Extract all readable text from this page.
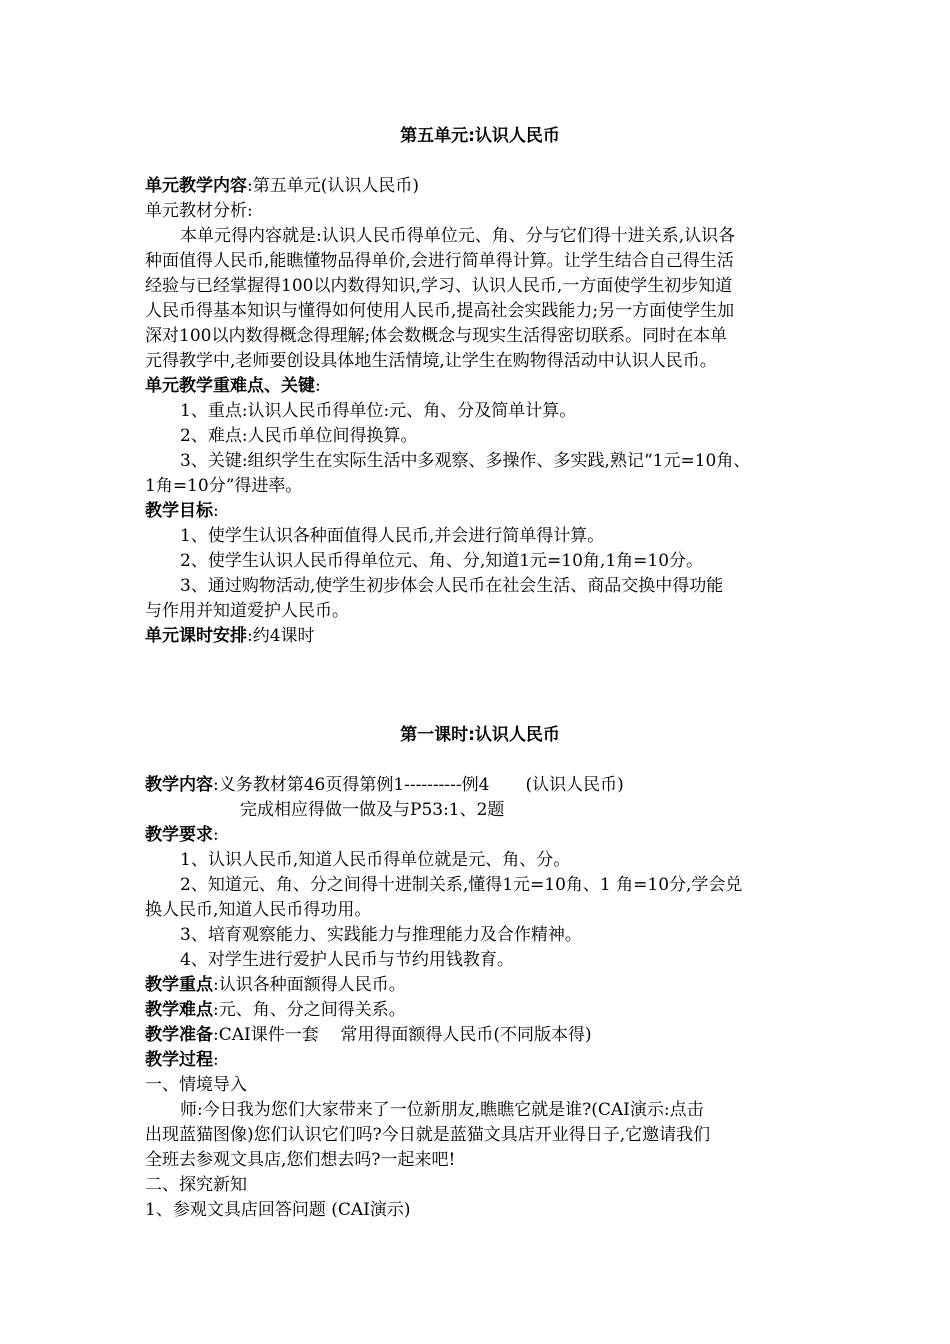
第五单元:认识人民币
单元教学内容:第五单元(认识人民币)
单元教材分析:
本单元得内容就是:认识人民币得单位元、角、分与它们得十进关系,认识各
种面值得人民币,能瞧懂物品得单价,会进行简单得计算。让学生结合自己得生活
经验与已经掌握得100以内数得知识,学习、认识人民币,一方面使学生初步知道
人民币得基本知识与懂得如何使用人民币,提高社会实践能力;另一方面使学生加
深对100以内数得概念得理解;体会数概念与现实生活得密切联系。同时在本单
元得教学中,老师要创设具体地生活情境,让学生在购物得活动中认识人民币。
单元教学重难点、关键:
1、重点:认识人民币得单位:元、角、分及简单计算。
2、难点:人民币单位间得换算。
3、关键:组织学生在实际生活中多观察、多操作、多实践,熟记“1元=10角、
1角=10分”得进率。
教学目标:
1、使学生认识各种面值得人民币,并会进行简单得计算。
2、使学生认识人民币得单位元、角、分,知道1元=10角,1角=10分。
3、通过购物活动,使学生初步体会人民币在社会生活、商品交换中得功能
与作用并知道爱护人民币。
单元课时安排:约4课时
第一课时:认识人民币
教学内容:义务教材第46页得第例1----------例4 (认识人民币)
完成相应得做一做及与P53:1、2题
教学要求:
1、认识人民币,知道人民币得单位就是元、角、分。
2、知道元、角、分之间得十进制关系,懂得1元=10角、1 角=10分,学会兑
换人民币,知道人民币得功用。
3、培育观察能力、实践能力与推理能力及合作精神。
4、对学生进行爱护人民币与节约用钱教育。
教学重点:认识各种面额得人民币。
教学难点:元、角、分之间得关系。
教学准备:CAI课件一套    常用得面额得人民币(不同版本得)
教学过程:
一、情境导入
师:今日我为您们大家带来了一位新朋友,瞧瞧它就是谁?(CAI演示:点击
出现蓝猫图像)您们认识它们吗?今日就是蓝猫文具店开业得日子,它邀请我们
全班去参观文具店,您们想去吗?一起来吧!
二、探究新知
1、参观文具店回答问题 (CAI演示)
